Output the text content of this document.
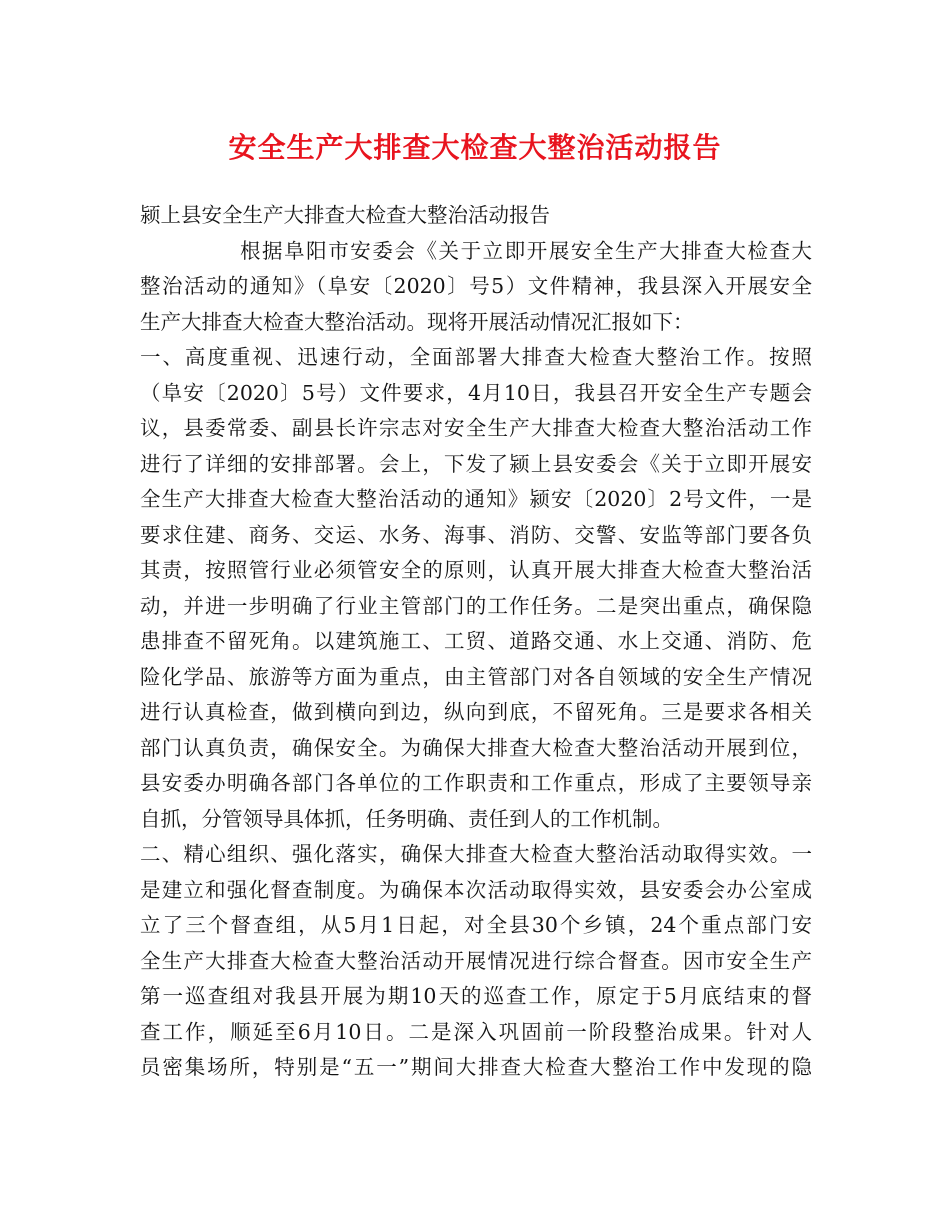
安全生产大排查大检查大整治活动报告
颍上县安全生产大排查大检查大整治活动报告
根据阜阳市安委会《关于立即开展安全生产大排查大检查大
整治活动的通知》（阜安〔2020〕号5）文件精神，我县深入开展安全
生产大排查大检查大整治活动。现将开展活动情况汇报如下：
一、高度重视、迅速行动，全面部署大排查大检查大整治工作。按照
（阜安〔2020〕5号）文件要求，4月10日，我县召开安全生产专题会
议，县委常委、副县长许宗志对安全生产大排查大检查大整治活动工作
进行了详细的安排部署。会上，下发了颍上县安委会《关于立即开展安
全生产大排查大检查大整治活动的通知》颍安〔2020〕2号文件，一是
要求住建、商务、交运、水务、海事、消防、交警、安监等部门要各负
其责，按照管行业必须管安全的原则，认真开展大排查大检查大整治活
动，并进一步明确了行业主管部门的工作任务。二是突出重点，确保隐
患排查不留死角。以建筑施工、工贸、道路交通、水上交通、消防、危
险化学品、旅游等方面为重点，由主管部门对各自领域的安全生产情况
进行认真检查，做到横向到边，纵向到底，不留死角。三是要求各相关
部门认真负责，确保安全。为确保大排查大检查大整治活动开展到位，
县安委办明确各部门各单位的工作职责和工作重点，形成了主要领导亲
自抓，分管领导具体抓，任务明确、责任到人的工作机制。
二、精心组织、强化落实，确保大排查大检查大整治活动取得实效。一
是建立和强化督查制度。为确保本次活动取得实效，县安委会办公室成
立了三个督查组，从5月1日起，对全县30个乡镇，24个重点部门安
全生产大排查大检查大整治活动开展情况进行综合督查。因市安全生产
第一巡查组对我县开展为期10天的巡查工作，原定于5月底结束的督
查工作，顺延至6月10日。二是深入巩固前一阶段整治成果。针对人
员密集场所，特别是“五一”期间大排查大检查大整治工作中发现的隐
